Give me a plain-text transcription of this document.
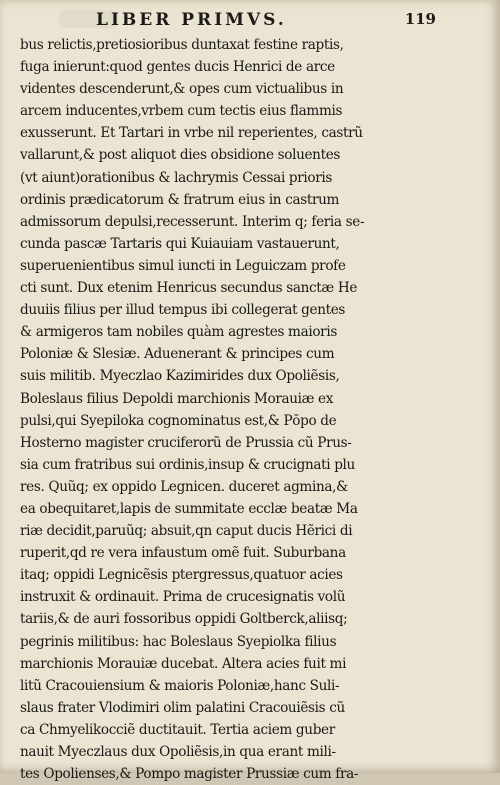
LIBER PRIMVS.	119
bus relictis,pretiosioribus duntaxat festine raptis,
fuga inierunt:quod gentes ducis Henrici de arce
videntes descenderunt,& opes cum victualibus in
arcem inducentes,vrbem cum tectis eius flammis
exusserunt. Et Tartari in vrbe nil reperientes, castrũ
vallarunt,& post aliquot dies obsidione soluentes
(vt aiunt)orationibus & lachrymis Cessai prioris
ordinis prædicatorum & fratrum eius in castrum
admissorum depulsi,recesserunt. Interim q; feria se-
cunda pascæ Tartaris qui Kuiauiam vastauerunt,
superuenientibus simul iuncti in Leguiczam profe
cti sunt. Dux etenim Henricus secundus sanctæ He
duuiis filius per illud tempus ibi collegerat gentes
& armigeros tam nobiles quàm agrestes maioris
Poloniæ & Slesiæ. Aduenerant & principes cum
suis militib. Myeczlao Kazimirides dux Opoliẽsis,
Boleslaus filius Depoldi marchionis Morauiæ ex
pulsi,qui Syepiloka cognominatus est,& Pōpo de
Hosterno magister cruciferorũ de Prussia cũ Prus-
sia cum fratribus sui ordinis,insup & crucignati plu
res. Quũq; ex oppido Legnicen. duceret agmina,&
ea obequitaret,lapis de summitate ecclæ beatæ Ma
riæ decidit,paruũq; absuit,qn caput ducis Hẽrici di
ruperit,qd re vera infaustum omẽ fuit. Suburbana
itaq; oppidi Legnicẽsis ptergressus,quatuor acies
instruxit & ordinauit. Prima de crucesignatis volũ
tariis,& de auri fossoribus oppidi Goltberck,aliisq;
pegrinis militibus: hac Boleslaus Syepiolka filius
marchionis Morauiæ ducebat. Altera acies fuit mi
litũ Cracouiensium & maioris Poloniæ,hanc Suli-
slaus frater Vlodimiri olim palatini Cracouiẽsis cũ
ca Chmyelikocciẽ ductitauit. Tertia aciem guber
nauit Myeczlaus dux Opoliẽsis,in qua erant mili-
tes Opolienses,& Pompo magister Prussiæ cum fra-
